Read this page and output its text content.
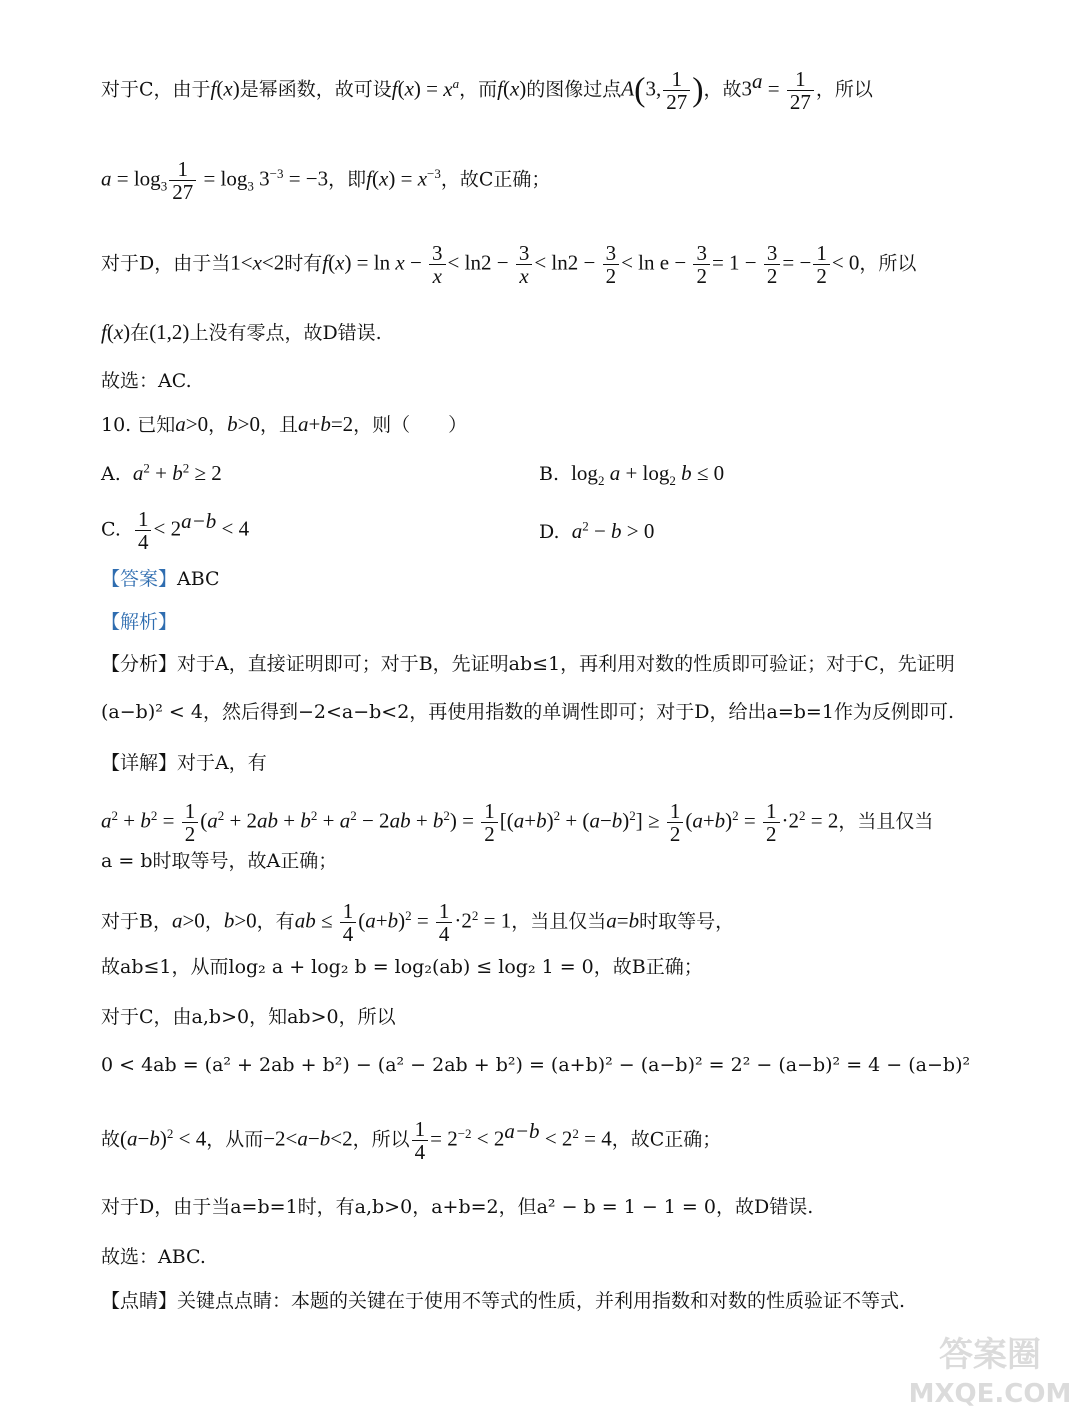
对于C，由于f(x)是幂函数，故可设$f(x) = x^a$，而f(x)的图像过点A(3, $\frac{1}{27}$ )，故$3^a = \frac{1}{27}$ ，所以
$a = \log_3 \frac{1}{27} = \log_3 3^{-3} = -3$，即$f(x) = x^{-3}$，故C正确；
对于D，由于当1<x<2时有$f(x) = \ln x - \frac{3}{x} < \ln 2 - \frac{3}{x} < \ln 2 - \frac{3}{2} < \ln e - \frac{3}{2} = 1 - \frac{3}{2}$ = − $\frac{1}{2} < 0$，所以
f(x)在(1,2)上没有零点，故D错误.
故选：AC.
10. 已知a>0，b>0，且a+b=2，则（　　）
A.  $a^2 + b^2 \ge 2$	B.  $\log_2 a + \log_2 b \le 0$
C. $\frac{1}{4} < 2^{a-b} < 4$	D.  $a^2 - b > 0$
【答案】ABC
【解析】
【分析】对于A，直接证明即可；对于B，先证明ab≤1，再利用对数的性质即可验证；对于C，先证明
(a−b)² < 4，然后得到−2<a−b<2，再使用指数的单调性即可；对于D，给出a=b=1作为反例即可.
【详解】对于A，有
$a^2 + b^2 = \frac{1}{2} (a^2 + 2ab + b^2 + a^2 - 2ab + b^2) = \frac{1}{2} [(a+b)^2 + (a-b)^2] \ge \frac{1}{2} (a+b)^2 = \frac{1}{2} \cdot 2^2 = 2$，当且仅当
a = b时取等号，故A正确；
对于B，a>0，b>0，有ab ≤ $\frac{1}{4} (a+b)^2 = \frac{1}{4} \cdot 2^2 = 1$，当且仅当a=b时取等号，
故ab≤1，从而log₂ a + log₂ b = log₂(ab) ≤ log₂ 1 = 0，故B正确；
对于C，由a,b>0，知ab>0，所以
0 < 4ab = (a² + 2ab + b²) − (a² − 2ab + b²) = (a+b)² − (a−b)² = 2² − (a−b)² = 4 − (a−b)²
故$(a-b)^2 < 4$，从而−2<a−b<2，所以 $\frac{1}{4} = 2^{-2} < 2^{a-b} < 2^2 = 4$，故C正确；
对于D，由于当a=b=1时，有a,b>0，a+b=2，但a² − b = 1 − 1 = 0，故D错误.
故选：ABC.
【点睛】关键点点睛：本题的关键在于使用不等式的性质，并利用指数和对数的性质验证不等式.
答案圈
MXQE.COM
